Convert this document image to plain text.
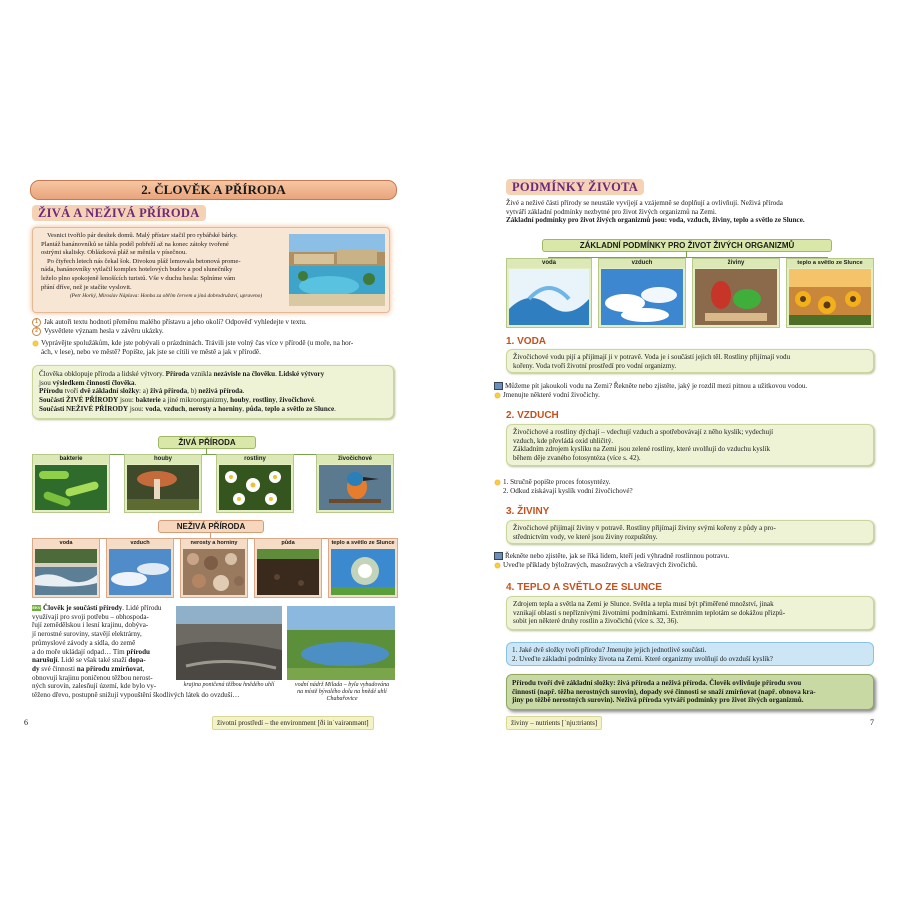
2. ČLOVĚK A PŘÍRODA
ŽIVÁ A NEŽIVÁ PŘÍRODA
Vesnici tvořilo pár desítek domů. Malý přístav stačil pro rybářské bárky.
Plantáž banánovníků se táhla podél pobřeží až na konec zátoky tvořené
ostrými skalisky. Oblázková pláž se měnila v písečnou.
Po čtyřech letech nás čekal šok. Divokou pláž lemovala betonová prome-
náda, banánovníky vytlačil komplex hotelových budov a pod slunečníky
leželo plno spokojeně lenošících turistů. Vše v duchu hesla: Splníme vám
přání dříve, než je stačíte vyslovit.
(Petr Horký, Miroslav Náplava: Honba za obřím červem a jiná dobrodružství, upraveno)
1 Jak autoři textu hodnotí přeměnu malého přístavu a jeho okolí? Odpověď vyhledejte v textu.
2 Vysvětlete význam hesla v závěru ukázky.
Vyprávějte spolužákům, kde jste pobývali o prázdninách. Trávili jste volný čas více v přírodě (u moře, na hor-
ách, v lese), nebo ve městě? Popište, jak jste se cítili ve městě a jak v přírodě.
Člověka obklopuje příroda a lidské výtvory. Příroda vznikla nezávisle na člověku. Lidské výtvory
jsou výsledkem činnosti člověka.
Přírodu tvoří dvě základní složky: a) živá příroda, b) neživá příroda.
Součásti ŽIVÉ PŘÍRODY jsou: bakterie a jiné mikroorganizmy, houby, rostliny, živočichové.
Součásti NEŽIVÉ PŘÍRODY jsou: voda, vzduch, nerosty a horniny, půda, teplo a světlo ze Slunce.
ŽIVÁ PŘÍRODA
bakterie	houby	rostliny	živočichové
NEŽIVÁ PŘÍRODA
voda	vzduch	nerosty a horniny	půda	teplo a světlo ze Slunce
EKV Člověk je součástí přírody. Lidé přírodu
využívají pro svoji potřebu – obhospoda-
řují zemědělskou i lesní krajinu, dobýva-
jí nerostné suroviny, stavějí elektrárny,
průmyslové závody a sídla, do země
a do moře ukládají odpad… Tím přírodu
narušují. Lidé se však také snaží dopa-
dy své činnosti na přírodu zmírňovat,
obnovují krajinu poničenou těžbou nerost-
ných surovin, zalesňují území, kde bylo vy-
těženo dřevo, postupně snižují vypouštění škodlivých látek do ovzduší…
krajina poničená těžbou hnědého uhlí	vodní nádrž Milada – byla vybudována na místě bývalého dolu na hnědé uhlí Chabařovice
6	životní prostředí – the environment [ði inˈvairənmənt]
PODMÍNKY ŽIVOTA
Živé a neživé části přírody se neustále vyvíjejí a vzájemně se doplňují a ovlivňují. Neživá příroda
vytváří základní podmínky nezbytné pro život živých organizmů na Zemi.
Základní podmínky pro život živých organizmů jsou: voda, vzduch, živiny, teplo a světlo ze Slunce.
ZÁKLADNÍ PODMÍNKY PRO ŽIVOT ŽIVÝCH ORGANIZMŮ
voda	vzduch	živiny	teplo a světlo ze Slunce
1. VODA
Živočichové vodu pijí a přijímají ji v potravě. Voda je i součástí jejich těl. Rostliny přijímají vodu
kořeny. Voda tvoří životní prostředí pro vodní organizmy.
Můžeme pít jakoukoli vodu na Zemi? Řekněte nebo zjistěte, jaký je rozdíl mezi pitnou a užitkovou vodou.
Jmenujte některé vodní živočichy.
2. VZDUCH
Živočichové a rostliny dýchají – vdechují vzduch a spotřebovávají z něho kyslík; vydechují
vzduch, kde převládá oxid uhličitý.
Základním zdrojem kyslíku na Zemi jsou zelené rostliny, které uvolňují do vzduchu kyslík
během děje zvaného fotosyntéza (více s. 42).
1. Stručně popište proces fotosyntézy.
2. Odkud získávají kyslík vodní živočichové?
3. ŽIVINY
Živočichové přijímají živiny v potravě. Rostliny přijímají živiny svými kořeny z půdy a pro-
střednictvím vody, ve které jsou živiny rozpuštěny.
Řekněte nebo zjistěte, jak se říká lidem, kteří jedí výhradně rostlinnou potravu.
Uveďte příklady býložravých, masožravých a všežravých živočichů.
4. TEPLO A SVĚTLO ZE SLUNCE
Zdrojem tepla a světla na Zemi je Slunce. Světla a tepla musí být přiměřené množství, jinak
vznikají oblasti s nepříznivými životními podmínkami. Extrémním teplotám se dokážou přizpů-
sobit jen některé druhy rostlin a živočichů (více s. 32, 36).
1. Jaké dvě složky tvoří přírodu? Jmenujte jejich jednotlivé součásti.
2. Uveďte základní podmínky života na Zemi. Které organizmy uvolňují do ovzduší kyslík?
Přírodu tvoří dvě základní složky: živá příroda a neživá příroda. Člověk ovlivňuje přírodu svou
činností (např. těžba nerostných surovin), dopady své činnosti se snaží zmírňovat (např. obnova kra-
jiny po těžbě nerostných surovin). Neživá příroda vytváří podmínky pro život živých organizmů.
živiny – nutrients [ˈnju:triənts]	7
